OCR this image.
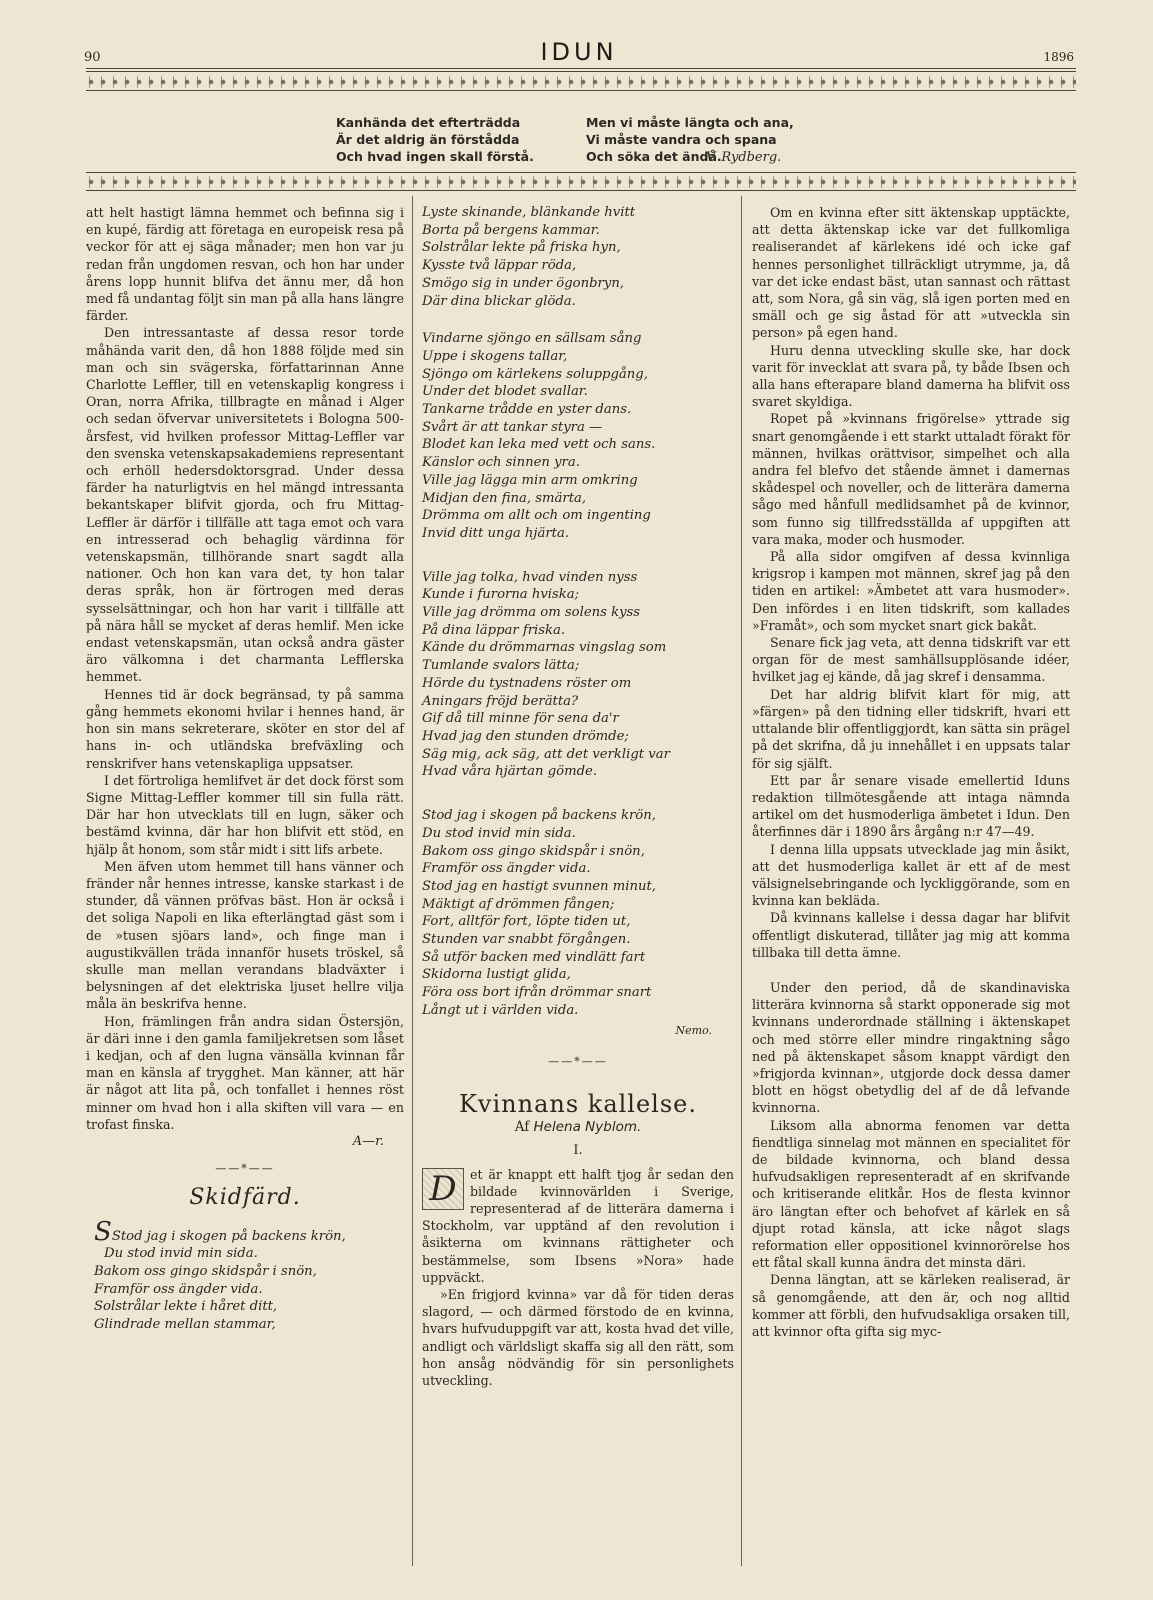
90	IDUN	1896
Kanhända det efterträdda
Är det aldrig än förstådda
Och hvad ingen skall förstå.
Men vi måste längta och ana,
Vi måste vandra och spana
Och söka det ändå.
V. Rydberg.

att helt hastigt lämna hemmet och befinna sig i en kupé, färdig att företaga en europeisk resa på veckor för att ej säga månader; men hon var ju redan från ungdomen resvan, och hon har under årens lopp hunnit blifva det ännu mer, då hon med få undantag följt sin man på alla hans längre färder.

Den intressantaste af dessa resor torde måhända varit den, då hon 1888 följde med sin man och sin svägerska, författarinnan Anne Charlotte Leffler, till en vetenskaplig kongress i Oran, norra Afrika, tillbragte en månad i Alger och sedan öfvervar universitetets i Bologna 500-årsfest, vid hvilken professor Mittag-Leffler var den svenska vetenskapsakademiens representant och erhöll hedersdoktorsgrad. Under dessa färder ha naturligtvis en hel mängd intressanta bekantskaper blifvit gjorda, och fru Mittag-Leffler är därför i tillfälle att taga emot och vara en intresserad och behaglig värdinna för vetenskapsmän, tillhörande snart sagdt alla nationer. Och hon kan vara det, ty hon talar deras språk, hon är förtrogen med deras sysselsättningar, och hon har varit i tillfälle att på nära håll se mycket af deras hemlif. Men icke endast vetenskapsmän, utan också andra gäster äro välkomna i det charmanta Lefflerska hemmet.

Hennes tid är dock begränsad, ty på samma gång hemmets ekonomi hvilar i hennes hand, är hon sin mans sekreterare, sköter en stor del af hans in- och utländska brefväxling och renskrifver hans vetenskapliga uppsatser.

I det förtroliga hemlifvet är det dock först som Signe Mittag-Leffler kommer till sin fulla rätt. Där har hon utvecklats till en lugn, säker och bestämd kvinna, där har hon blifvit ett stöd, en hjälp åt honom, som står midt i sitt lifs arbete.

Men äfven utom hemmet till hans vänner och fränder når hennes intresse, kanske starkast i de stunder, då vännen pröfvas bäst. Hon är också i det soliga Napoli en lika efterlängtad gäst som i de »tusen sjöars land», och finge man i augustikvällen träda innanför husets tröskel, så skulle man mellan verandans bladväxter i belysningen af det elektriska ljuset hellre vilja måla än beskrifva henne.

Hon, främlingen från andra sidan Östersjön, är däri inne i den gamla familjekretsen som låset i kedjan, och af den lugna vänsälla kvinnan får man en känsla af trygghet. Man känner, att här är något att lita på, och tonfallet i hennes röst minner om hvad hon i alla skiften vill vara — en trofast finska.

A—r.
——*——
Skidfärd.
SStod jag i skogen på backens krön,
Du stod invid min sida.
Bakom oss gingo skidspår i snön,
Framför oss ängder vida.
Solstrålar lekte i håret ditt,
Glindrade mellan stammar,
Lyste skinande, blänkande hvitt
Borta på bergens kammar.
Solstrålar lekte på friska hyn,
Kysste två läppar röda,
Smögo sig in under ögonbryn,
Där dina blickar glöda.
Vindarne sjöngo en sällsam sång
Uppe i skogens tallar,
Sjöngo om kärlekens soluppgång,
Under det blodet svallar.
Tankarne trådde en yster dans.
Svårt är att tankar styra —
Blodet kan leka med vett och sans.
Känslor och sinnen yra.
Ville jag lägga min arm omkring
Midjan den fina, smärta,
Drömma om allt och om ingenting
Invid ditt unga hjärta.
Ville jag tolka, hvad vinden nyss
Kunde i furorna hviska;
Ville jag drömma om solens kyss
På dina läppar friska.
Kände du drömmarnas vingslag som
Tumlande svalors lätta;
Hörde du tystnadens röster om
Aningars fröjd berätta?
Gif då till minne för sena da'r
Hvad jag den stunden drömde;
Säg mig, ack säg, att det verkligt var
Hvad våra hjärtan gömde.
Stod jag i skogen på backens krön,
Du stod invid min sida.
Bakom oss gingo skidspår i snön,
Framför oss ängder vida.
Stod jag en hastigt svunnen minut,
Mäktigt af drömmen fången;
Fort, alltför fort, löpte tiden ut,
Stunden var snabbt förgången.
Så utför backen med vindlätt fart
Skidorna lustigt glida,
Föra oss bort ifrån drömmar snart
Långt ut i världen vida.
Nemo.
——*——
Kvinnans kallelse.
Af Helena Nyblom.
I.

D	et är knappt ett halft tjog år sedan den bildade kvinnovärlden i Sverige, representerad af de litterära damerna i Stockholm, var upptänd af den revolution i åsikterna om kvinnans rättigheter och bestämmelse, som Ibsens »Nora» hade uppväckt.

»En frigjord kvinna» var då för tiden deras slagord, — och därmed förstodo de en kvinna, hvars hufvuduppgift var att, kosta hvad det ville, andligt och världsligt skaffa sig all den rätt, som hon ansåg nödvändig för sin personlighets utveckling.

Om en kvinna efter sitt äktenskap upptäckte, att detta äktenskap icke var det fullkomliga realiserandet af kärlekens idé och icke gaf hennes personlighet tillräckligt utrymme, ja, då var det icke endast bäst, utan sannast och rättast att, som Nora, gå sin väg, slå igen porten med en smäll och ge sig åstad för att »utveckla sin person» på egen hand.

Huru denna utveckling skulle ske, har dock varit för invecklat att svara på, ty både Ibsen och alla hans efterapare bland damerna ha blifvit oss svaret skyldiga.

Ropet på »kvinnans frigörelse» yttrade sig snart genomgående i ett starkt uttaladt förakt för männen, hvilkas orättvisor, simpelhet och alla andra fel blefvo det stående ämnet i damernas skådespel och noveller, och de litterära damerna sågo med hånfull medlidsamhet på de kvinnor, som funno sig tillfredsställda af uppgiften att vara maka, moder och husmoder.

På alla sidor omgifven af dessa kvinnliga krigsrop i kampen mot männen, skref jag på den tiden en artikel: »Ämbetet att vara husmoder». Den infördes i en liten tidskrift, som kallades »Framåt», och som mycket snart gick bakåt.

Senare fick jag veta, att denna tidskrift var ett organ för de mest samhällsupplösande idéer, hvilket jag ej kände, då jag skref i densamma.

Det har aldrig blifvit klart för mig, att »färgen» på den tidning eller tidskrift, hvari ett uttalande blir offentliggjordt, kan sätta sin prägel på det skrifna, då ju innehållet i en uppsats talar för sig själft.

Ett par år senare visade emellertid Iduns redaktion tillmötesgående att intaga nämnda artikel om det husmoderliga ämbetet i Idun. Den återfinnes där i 1890 års årgång n:r 47—49.

I denna lilla uppsats utvecklade jag min åsikt, att det husmoderliga kallet är ett af de mest välsignelsebringande och lyckliggörande, som en kvinna kan bekläda.

Då kvinnans kallelse i dessa dagar har blifvit offentligt diskuterad, tillåter jag mig att komma tillbaka till detta ämne.

Under den period, då de skandinaviska litterära kvinnorna så starkt opponerade sig mot kvinnans underordnade ställning i äktenskapet och med större eller mindre ringaktning sågo ned på äktenskapet såsom knappt värdigt den »frigjorda kvinnan», utgjorde dock dessa damer blott en högst obetydlig del af de då lefvande kvinnorna.

Liksom alla abnorma fenomen var detta fiendtliga sinnelag mot männen en specialitet för de bildade kvinnorna, och bland dessa hufvudsakligen representeradt af en skrifvande och kritiserande elitkår. Hos de flesta kvinnor äro längtan efter och behofvet af kärlek en så djupt rotad känsla, att icke något slags reformation eller oppositionel kvinnorörelse hos ett fåtal skall kunna ändra det minsta däri.

Denna längtan, att se kärleken realiserad, är så genomgående, att den är, och nog alltid kommer att förbli, den hufvudsakliga orsaken till, att kvinnor ofta gifta sig myc-
